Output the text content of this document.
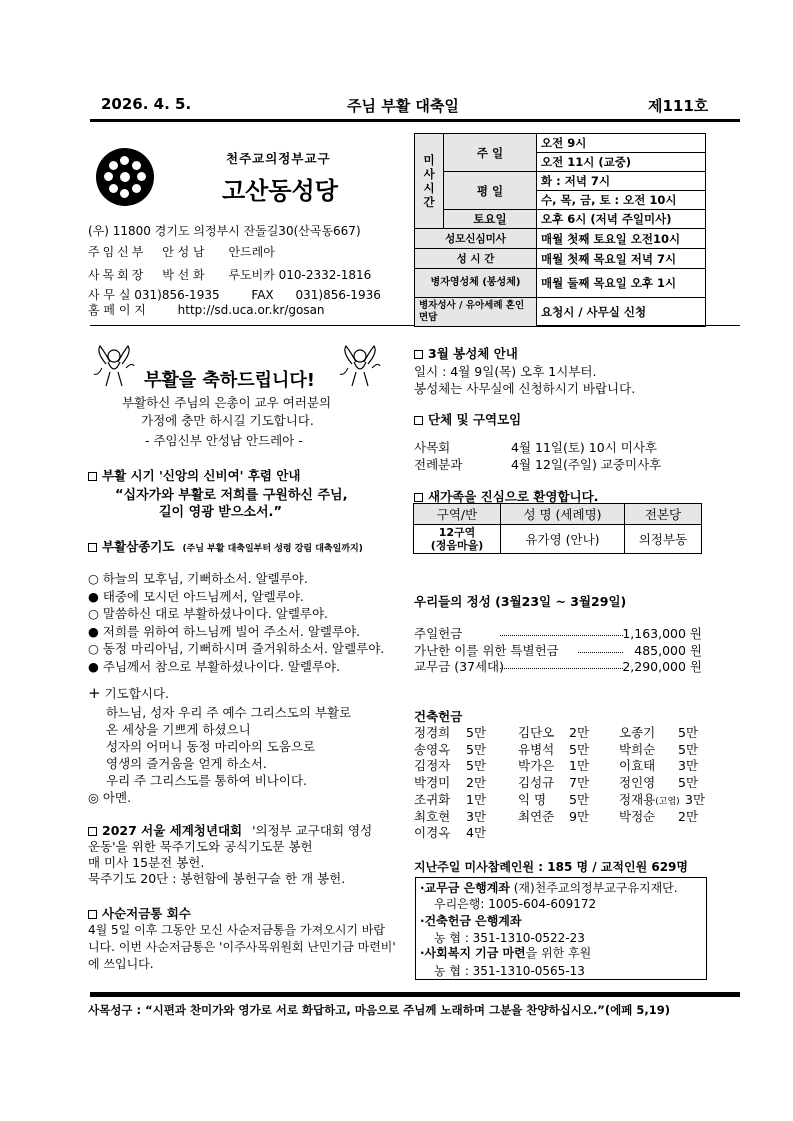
2026. 4. 5.	주님 부활 대축일	제111호
천주교의정부교구
고산동성당
(우) 11800 경기도 의정부시 잔돌길30(산곡동667)
주임신부 안 성 남 안드레아
사목회장 박 선 화 루도비카 010-2332-1816
사 무 실 031)856-1935	FAX 031)856-1936
홈 페 이 지	http://sd.uca.or.kr/gosan
미
사
시
간	주 일	오전 9시
		오전 11시 (교중)
	평 일	화 : 저녁 7시
		수, 목, 금, 토 : 오전 10시
	토요일	오후 6시 (저녁 주일미사)
성모신심미사		매월 첫째 토요일 오전10시
성 시 간		매월 첫째 목요일 저녁 7시
병자영성체 (봉성체)		매월 둘째 목요일 오후 1시
병자성사 / 유아세례 혼인면담		요청시 / 사무실 신청
부활을 축하드립니다!
부활하신 주님의 은총이 교우 여러분의
가정에 충만 하시길 기도합니다.
- 주임신부 안성남 안드레아 -
부활 시기 '신앙의 신비여' 후렴 안내
“십자가와 부활로 저희를 구원하신 주님,
길이 영광 받으소서.”
부활삼종기도 (주님 부활 대축일부터 성령 강림 대축일까지)
○ 하늘의 모후님, 기뻐하소서. 알렐루야.
● 태중에 모시던 아드님께서, 알렐루야.
○ 말씀하신 대로 부활하셨나이다. 알렐루야.
● 저희를 위하여 하느님께 빌어 주소서. 알렐루야.
○ 동정 마리아님, 기뻐하시며 즐거워하소서. 알렐루야.
● 주님께서 참으로 부활하셨나이다. 알렐루야.
+ 기도합시다.
하느님, 성자 우리 주 예수 그리스도의 부활로
온 세상을 기쁘게 하셨으니
성자의 어머니 동정 마리아의 도움으로
영생의 즐거움을 얻게 하소서.
우리 주 그리스도를 통하여 비나이다.
◎ 아멘.
2027 서울 세계청년대회 '의정부 교구대회 영성
운동'을 위한 묵주기도와 공식기도문 봉헌
매 미사 15분전 봉헌.
묵주기도 20단 : 봉헌함에 봉헌구슬 한 개 봉헌.
사순저금통 회수
4월 5일 이후 그동안 모신 사순저금통을 가져오시기 바랍
니다. 이번 사순저금통은 '이주사목위원회 난민기금 마련비'
에 쓰입니다.
3월 봉성체 안내
일시 : 4월 9일(목) 오후 1시부터.
봉성체는 사무실에 신청하시기 바랍니다.
단체 및 구역모임
사목회	4월 11일(토) 10시 미사후
전례분과	4월 12일(주일) 교중미사후
새가족을 진심으로 환영합니다.
구역/반	성 명 (세례명)	전본당
12구역
(정음마을)	유가영 (안나)	의정부동
우리들의 정성 (3월23일 ~ 3월29일)
주일헌금	1,163,000 원
가난한 이를 위한 특별헌금	485,000 원
교무금 (37세대)	2,290,000 원
건축헌금
정경희 5만	김단오 2만 오종기 5만
송영옥 5만	유병석 5만 박희순 5만
김정자 5만	박가은 1만 이효태 3만
박경미 2만	김성규 7만 정인영 5만
조귀화 1만	익 명 5만 정재용(고엽) 3만
최호현 3만	최연준 9만 박정순 2만
이경옥 4만
지난주일 미사참례인원 : 185 명 / 교적인원 629명
·교무금 은행계좌 (재)천주교의정부교구유지재단.
우리은행: 1005-604-609172
·건축헌금 은행계좌
농 협 : 351-1310-0522-23
·사회복지 기금 마련을 위한 후원
농 협 : 351-1310-0565-13
사목성구 : “시편과 찬미가와 영가로 서로 화답하고, 마음으로 주님께 노래하며 그분을 찬양하십시오.”(에페 5,19)
